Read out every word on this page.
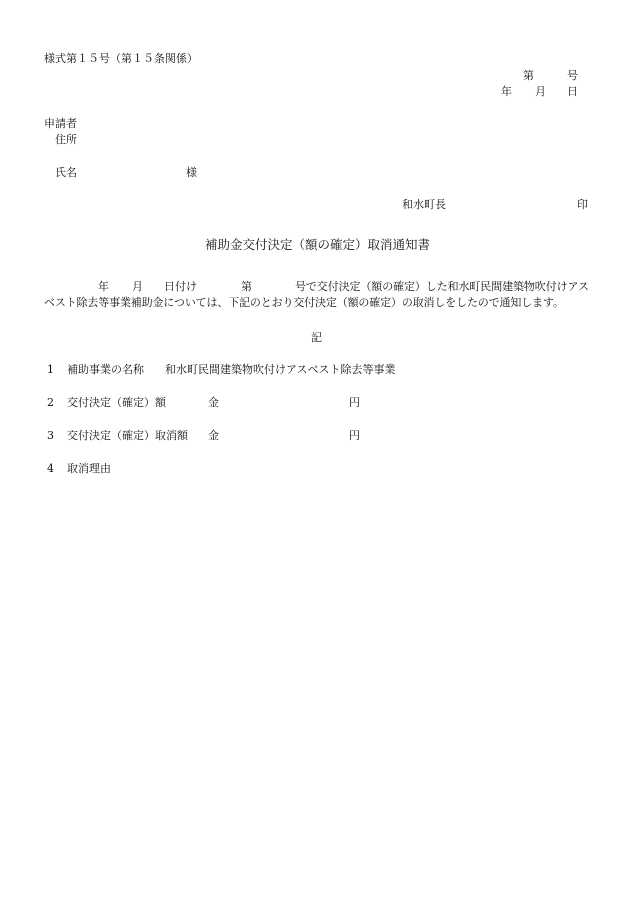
様式第１５号（第１５条関係）
第	号
年 月 日
申請者
住所
氏名	様
和水町長	印
補助金交付決定（額の確定）取消通知書
年 月 日付け	第	号で交付決定（額の確定）した和水町民間建築物吹付けアス
ベスト除去等事業補助金については、下記のとおり交付決定（額の確定）の取消しをしたので通知します。
記
1 補助事業の名称 和水町民間建築物吹付けアスベスト除去等事業
2 交付決定（確定）額	金	円
3 交付決定（確定）取消額 金	円
4 取消理由
